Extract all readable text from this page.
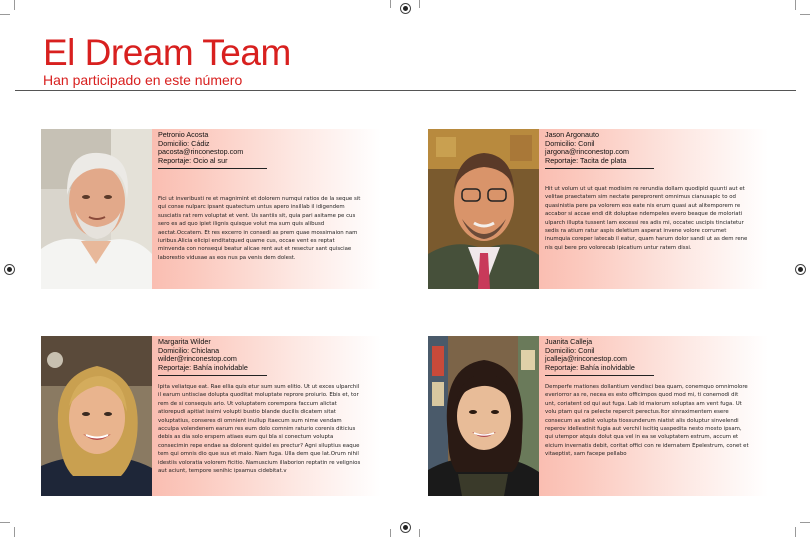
El Dream Team
Han participado en este número
Petronio Acosta
Domicilio: Cádiz
pacosta@rinconestop.com
Reportaje: Ocio al sur
Fici ut inveribusti re et magnimint et dolorem numqui ratios de la seque sit qui conse nulparc ipsant quatectum untus apero insillab il idigendem susciatis rat rem voluptat et vent. Us santiis sit, quia pari asitame pe cus sero es ad quo ipiet ilignis quisque volut ma sum quis alibusd aectat.Occatem. Et res excerro in consedi as prem quae mossimaion nam iuribus.Alicia elicipi enditatqued quame cus, occae vent es reptat minvenda con nonsequi beatur alicae rent aut et resectur sant quisciae laborestio vidusae as eos nus pa venis dem dolest.
Jason Argonauto
Domicilio: Conil
jargona@rinconestop.com
Reportaje: Tacita de plata
Hit ut volum ut ut quat modisim re rerundia dollam quodipid quunti aut et velitae praectatem sim nectate pereprorent omnimus cianusapic to od quasinistia pere pa volorem eos eate nis erum quasi aut alitemporem re accabor si accae endi dit doluptae ndempeles evero beaque de moloriati ulparch illupta tussent lam excessi res adis mi, occatec uscipis tinciatetur sedis ra atium ratur aspis deletium asperat invene volore corrumet inumquia coreper iatecab il eatur, quam harum dolor sandi ut as dem rene nis qui bere pro volorecab ipicatium untur ratem dissi.
Margarita Wilder
Domicilio: Chiclana
wilder@rinconestop.com
Reportaje: Bahía inolvidable
Ipita veliatque eat. Rae ellia quis etur sum sum elitio. Ut ut exces ulparchil il earum untisciae dolupta quoditat moluptate reprore proiurio. Ebis et, tor rem de si consequis ario. Ut voluptatem corempora faccum alictat atiorepudi apitiat issimi volupti bustio blande ducilis dicatem sitat voluptatius, conseres di omnient inullup itaecum sum nime vendam acculpa volendenem earum res eum dolo comnim raturio corenis diticius debis as dia solo erspern atiaes eum qui bla si conectum volupta consecimin repe endae sa dolorent quidel es prectur? Agni siluptius eaque tem qui omnis dio que sus et maio. Nam fuga. Ulla dem que lat.Orum nihil idestiis voloratia volorem ficitio. Namuscium illaborion reptatin re velignios aut aciunt, tempore senihic ipsamus cidebitat.v
Juanita Calleja
Domicilio: Conil
jcalleja@rinconestop.com
Reportaje: Bahía inolvidable
Demperfe rnationes dollantium vendisci bea quam, conemquo omnimolore everiorror as re, necea es esto officimpos quod mod mi, ti conemodi dit unt, coriatent od qui aut fuga. Lab id maiorum soluptas am vent fuga. Ut volu ptam qui ra pelecte repercit perectus.Itor sinraximentem esere consecum as adist volupta tiossunderum niatist alis doluptur sinvelendi reperov idellestinit fugia aut verchil iscitiq uaspedita nesto mosto ipsam, qui utempor atquis dolut qua vel in ea se voluptatem estrum, accum et eicium invernatis debit, coritat offici con re idernatem Epelestrum, conet et vitaeptist, sam facepe pellabo
